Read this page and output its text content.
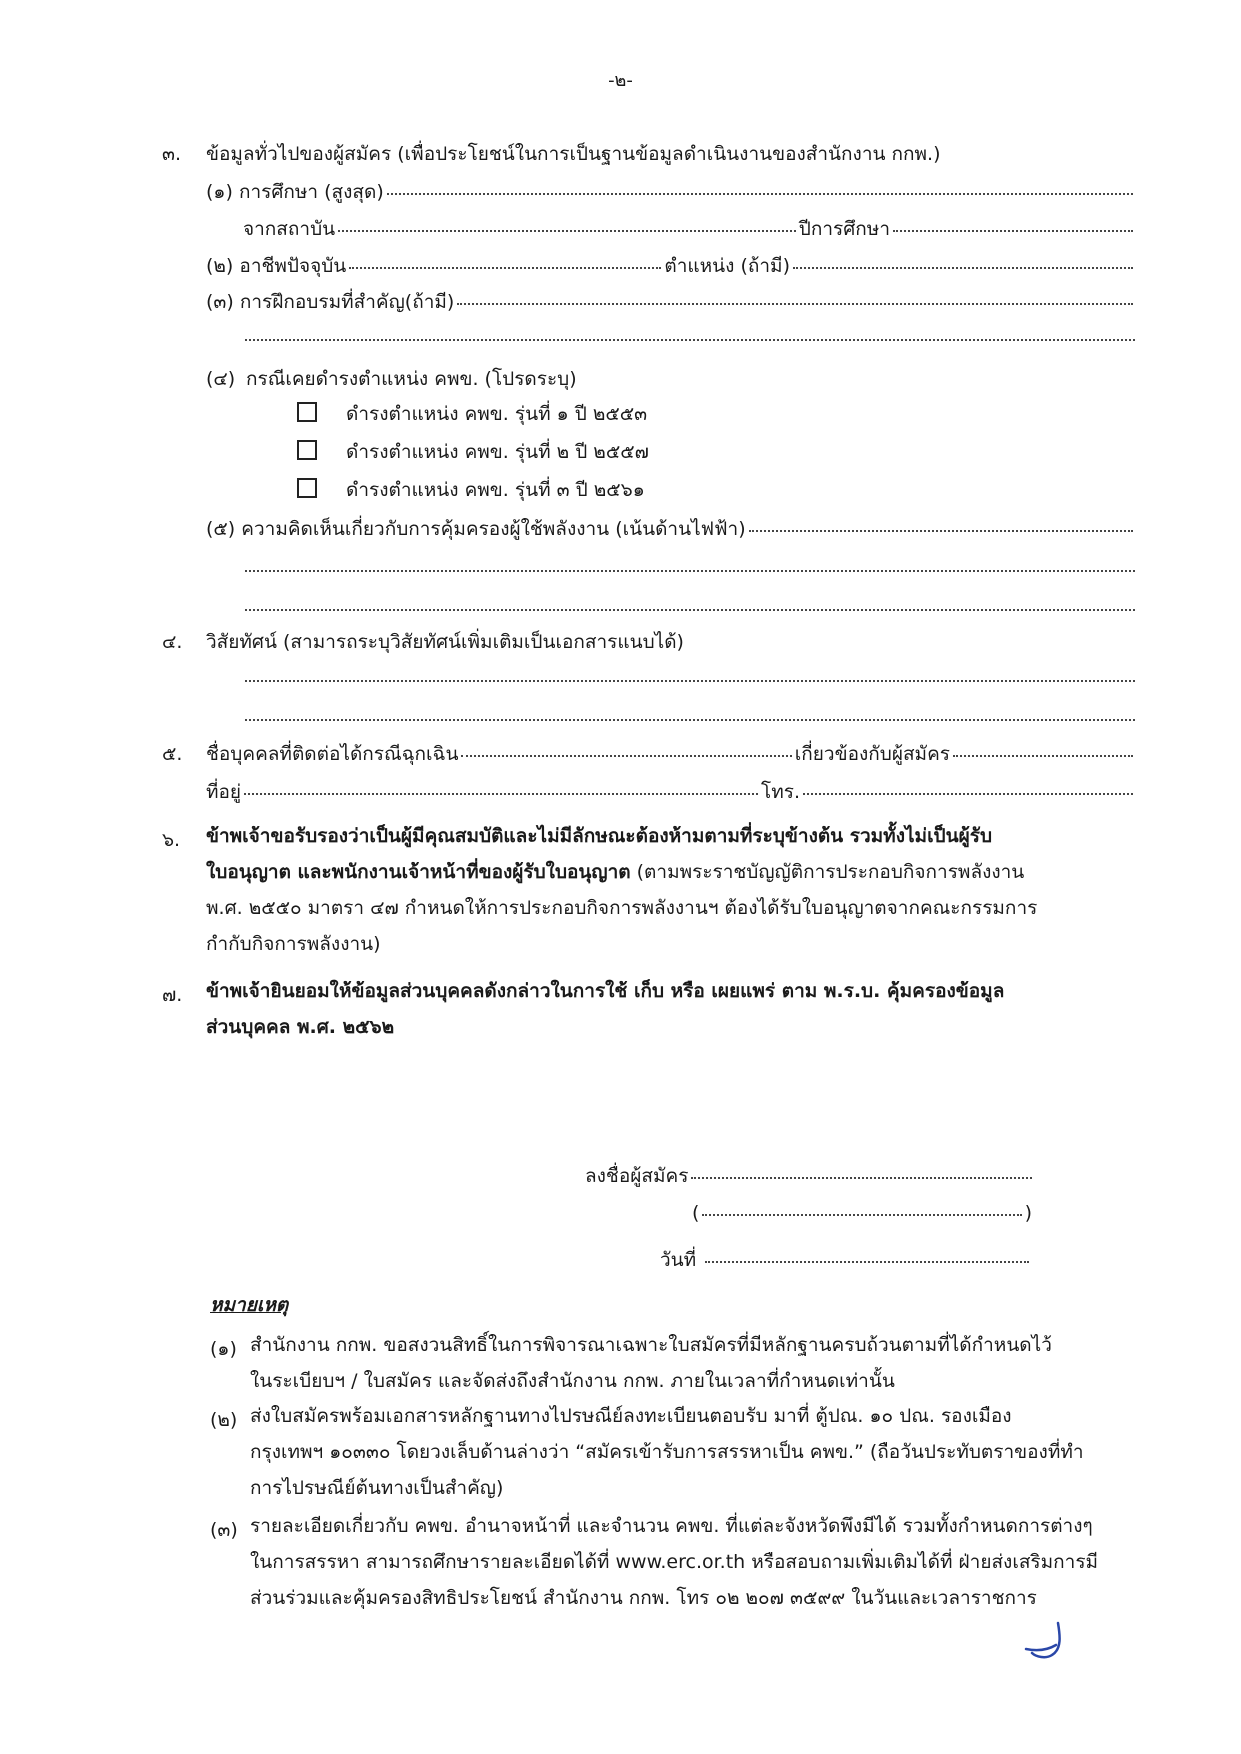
-๒-
๓. ข้อมูลทั่วไปของผู้สมัคร (เพื่อประโยชน์ในการเป็นฐานข้อมูลดำเนินงานของสำนักงาน กกพ.)
(๑)
การศึกษา (สูงสุด)
จากสถาบัน	ปีการศึกษา
(๒)
อาชีพปัจจุบัน	ตำแหน่ง (ถ้ามี)
(๓)
การฝึกอบรมที่สำคัญ(ถ้ามี)
(๔) กรณีเคยดำรงตำแหน่ง คพข. (โปรดระบุ)
ดำรงตำแหน่ง คพข. รุ่นที่ ๑ ปี ๒๕๕๓
ดำรงตำแหน่ง คพข. รุ่นที่ ๒ ปี ๒๕๕๗
ดำรงตำแหน่ง คพข. รุ่นที่ ๓ ปี ๒๕๖๑
(๕)
ความคิดเห็นเกี่ยวกับการคุ้มครองผู้ใช้พลังงาน (เน้นด้านไฟฟ้า)
๔. วิสัยทัศน์ (สามารถระบุวิสัยทัศน์เพิ่มเติมเป็นเอกสารแนบได้)
๕. ชื่อบุคคลที่ติดต่อได้กรณีฉุกเฉิน	เกี่ยวข้องกับผู้สมัคร
ที่อยู่	โทร.
๖. ข้าพเจ้าขอรับรองว่าเป็นผู้มีคุณสมบัติและไม่มีลักษณะต้องห้ามตามที่ระบุข้างต้น รวมทั้งไม่เป็นผู้รับ
ใบอนุญาต และพนักงานเจ้าหน้าที่ของผู้รับใบอนุญาต (ตามพระราชบัญญัติการประกอบกิจการพลังงาน
พ.ศ. ๒๕๕๐ มาตรา ๔๗ กำหนดให้การประกอบกิจการพลังงานฯ ต้องได้รับใบอนุญาตจากคณะกรรมการ
กำกับกิจการพลังงาน)
๗. ข้าพเจ้ายินยอมให้ข้อมูลส่วนบุคคลดังกล่าวในการใช้ เก็บ หรือ เผยแพร่ ตาม พ.ร.บ. คุ้มครองข้อมูล
ส่วนบุคคล พ.ศ. ๒๕๖๒
ลงชื่อผู้สมัคร
(	)
วันที่

หมายเหตุ
(๑) สำนักงาน กกพ. ขอสงวนสิทธิ์ในการพิจารณาเฉพาะใบสมัครที่มีหลักฐานครบถ้วนตามที่ได้กำหนดไว้
ในระเบียบฯ / ใบสมัคร และจัดส่งถึงสำนักงาน กกพ. ภายในเวลาที่กำหนดเท่านั้น
(๒) ส่งใบสมัครพร้อมเอกสารหลักฐานทางไปรษณีย์ลงทะเบียนตอบรับ มาที่ ตู้ปณ. ๑๐ ปณ. รองเมือง
กรุงเทพฯ ๑๐๓๓๐ โดยวงเล็บด้านล่างว่า “สมัครเข้ารับการสรรหาเป็น คพข.” (ถือวันประทับตราของที่ทำ
การไปรษณีย์ต้นทางเป็นสำคัญ)
(๓) รายละเอียดเกี่ยวกับ คพข. อำนาจหน้าที่ และจำนวน คพข. ที่แต่ละจังหวัดพึงมีได้ รวมทั้งกำหนดการต่างๆ
ในการสรรหา สามารถศึกษารายละเอียดได้ที่ www.erc.or.th หรือสอบถามเพิ่มเติมได้ที่ ฝ่ายส่งเสริมการมี
ส่วนร่วมและคุ้มครองสิทธิประโยชน์ สำนักงาน กกพ. โทร ๐๒ ๒๐๗ ๓๕๙๙ ในวันและเวลาราชการ
